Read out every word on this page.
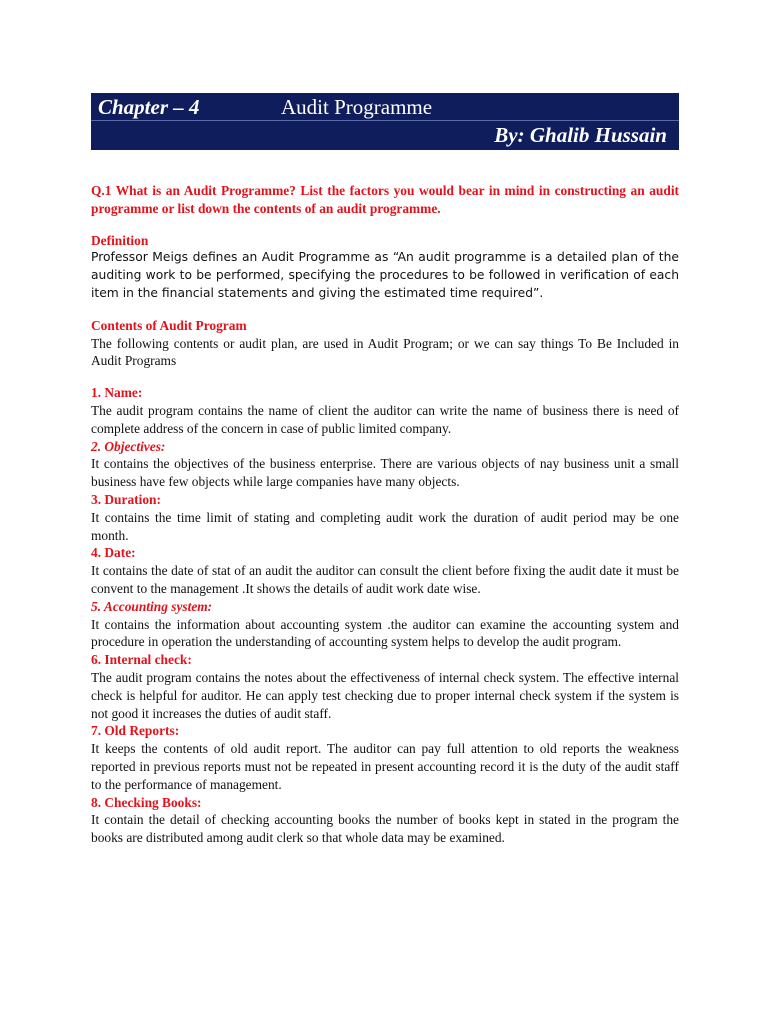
Chapter – 4	Audit Programme
By: Ghalib Hussain

Q.1 What is an Audit Programme? List the factors you would bear in mind in constructing an audit programme or list down the contents of an audit programme.

Definition

Professor Meigs defines an Audit Programme as “An audit programme is a detailed plan of the auditing work to be performed, specifying the procedures to be followed in verification of each item in the financial statements and giving the estimated time required”.

Contents of Audit Program

The following contents or audit plan, are used in Audit Program; or we can say things To Be Included in Audit Programs

1. Name:

The audit program contains the name of client the auditor can write the name of business there is need of complete address of the concern in case of public limited company.

2. Objectives:

It contains the objectives of the business enterprise. There are various objects of nay business unit a small business have few objects while large companies have many objects.

3. Duration:

It contains the time limit of stating and completing audit work the duration of audit period may be one month.

4. Date:

It contains the date of stat of an audit the auditor can consult the client before fixing the audit date it must be convent to the management .It shows the details of audit work date wise.

5. Accounting system:

It contains the information about accounting system .the auditor can examine the accounting system and procedure in operation the understanding of accounting system helps to develop the audit program.

6. Internal check:

The audit program contains the notes about the effectiveness of internal check system. The effective internal check is helpful for auditor. He can apply test checking due to proper internal check system if the system is not good it increases the duties of audit staff.

7. Old Reports:

It keeps the contents of old audit report. The auditor can pay full attention to old reports the weakness reported in previous reports must not be repeated in present accounting record it is the duty of the audit staff to the performance of management.

8. Checking Books:

It contain the detail of checking accounting books the number of books kept in stated in the program the books are distributed among audit clerk so that whole data may be examined.
